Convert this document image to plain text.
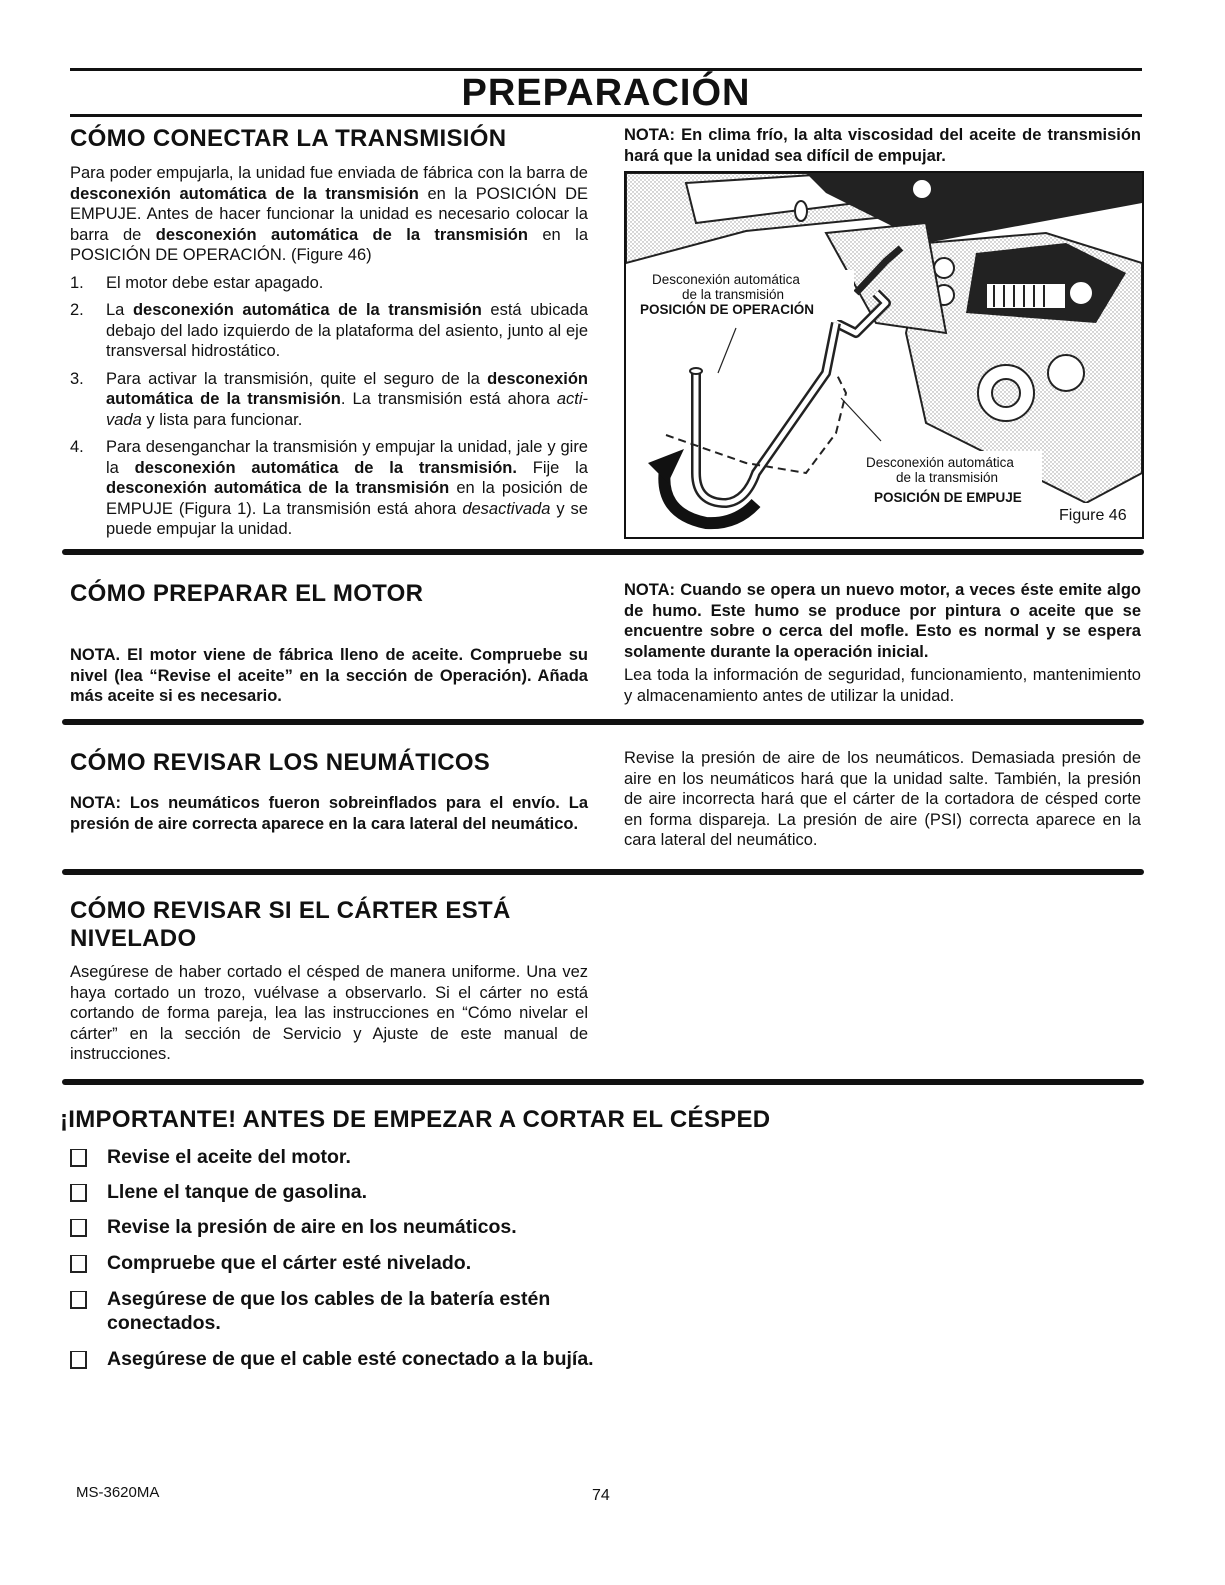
PREPARACIÓN
CÓMO CONECTAR LA TRANSMISIÓN

Para poder empujarla, la unidad fue enviada de fábrica con la barra de desconexión automática de la transmisión en la POSICIÓN DE EMPUJE. Antes de hacer funcionar la unidad es necesario colocar la barra de desconexión automática de la transmisión en la POSICIÓN DE OPERACIÓN. (Figure 46)

1. El motor debe estar apagado.
2. La desconexión automática de la transmisión está ubicada debajo del lado izquierdo de la plataforma del asiento, junto al eje transversal hidrostático.
3. Para activar la transmisión, quite el seguro de la desconexión automática de la transmisión. La transmisión está ahora acti- vada y lista para funcionar.
4. Para desenganchar la transmisión y empujar la unidad, jale y gire la desconexión automática de la transmisión. Fije la desconexión automática de la transmisión en la posición de EMPUJE (Figura 1). La transmisión está ahora desactivada y se puede empujar la unidad.
NOTA: En clima frío, la alta viscosidad del aceite de transmisión hará que la unidad sea difícil de empujar.
Desconexión automática
de la transmisión
POSICIÓN DE OPERACIÓN
Desconexión automática
de la transmisión
POSICIÓN DE EMPUJE
Figure 46
CÓMO PREPARAR EL MOTOR
NOTA. El motor viene de fábrica lleno de aceite. Compruebe su nivel (lea “Revise el aceite” en la sección de Operación). Añada más aceite si es necesario.
NOTA: Cuando se opera un nuevo motor, a veces éste emite algo de humo. Este humo se produce por pintura o aceite que se encuentre sobre o cerca del mofle. Esto es normal y se espera solamente durante la operación inicial.
Lea toda la información de seguridad, funcionamiento, mantenimiento y almacenamiento antes de utilizar la unidad.
CÓMO REVISAR LOS NEUMÁTICOS
NOTA: Los neumáticos fueron sobreinflados para el envío. La presión de aire correcta aparece en la cara lateral del neumático.
Revise la presión de aire de los neumáticos. Demasiada presión de aire en los neumáticos hará que la unidad salte. También, la presión de aire incorrecta hará que el cárter de la cortadora de césped corte en forma dispareja. La presión de aire (PSI) correcta aparece en la cara lateral del neumático.
CÓMO REVISAR SI EL CÁRTER ESTÁ
NIVELADO
Asegúrese de haber cortado el césped de manera uniforme. Una vez haya cortado un trozo, vuélvase a observarlo. Si el cárter no está cortando de forma pareja, lea las instrucciones en “Cómo nivelar el cárter” en la sección de Servicio y Ajuste de este manual de instrucciones.
¡IMPORTANTE! ANTES DE EMPEZAR A CORTAR EL CÉSPED
Revise el aceite del motor.
Llene el tanque de gasolina.
Revise la presión de aire en los neumáticos.
Compruebe que el cárter esté nivelado.
Asegúrese de que los cables de la batería estén
conectados.
Asegúrese de que el cable esté conectado a la bujía.
MS-3620MA	74
